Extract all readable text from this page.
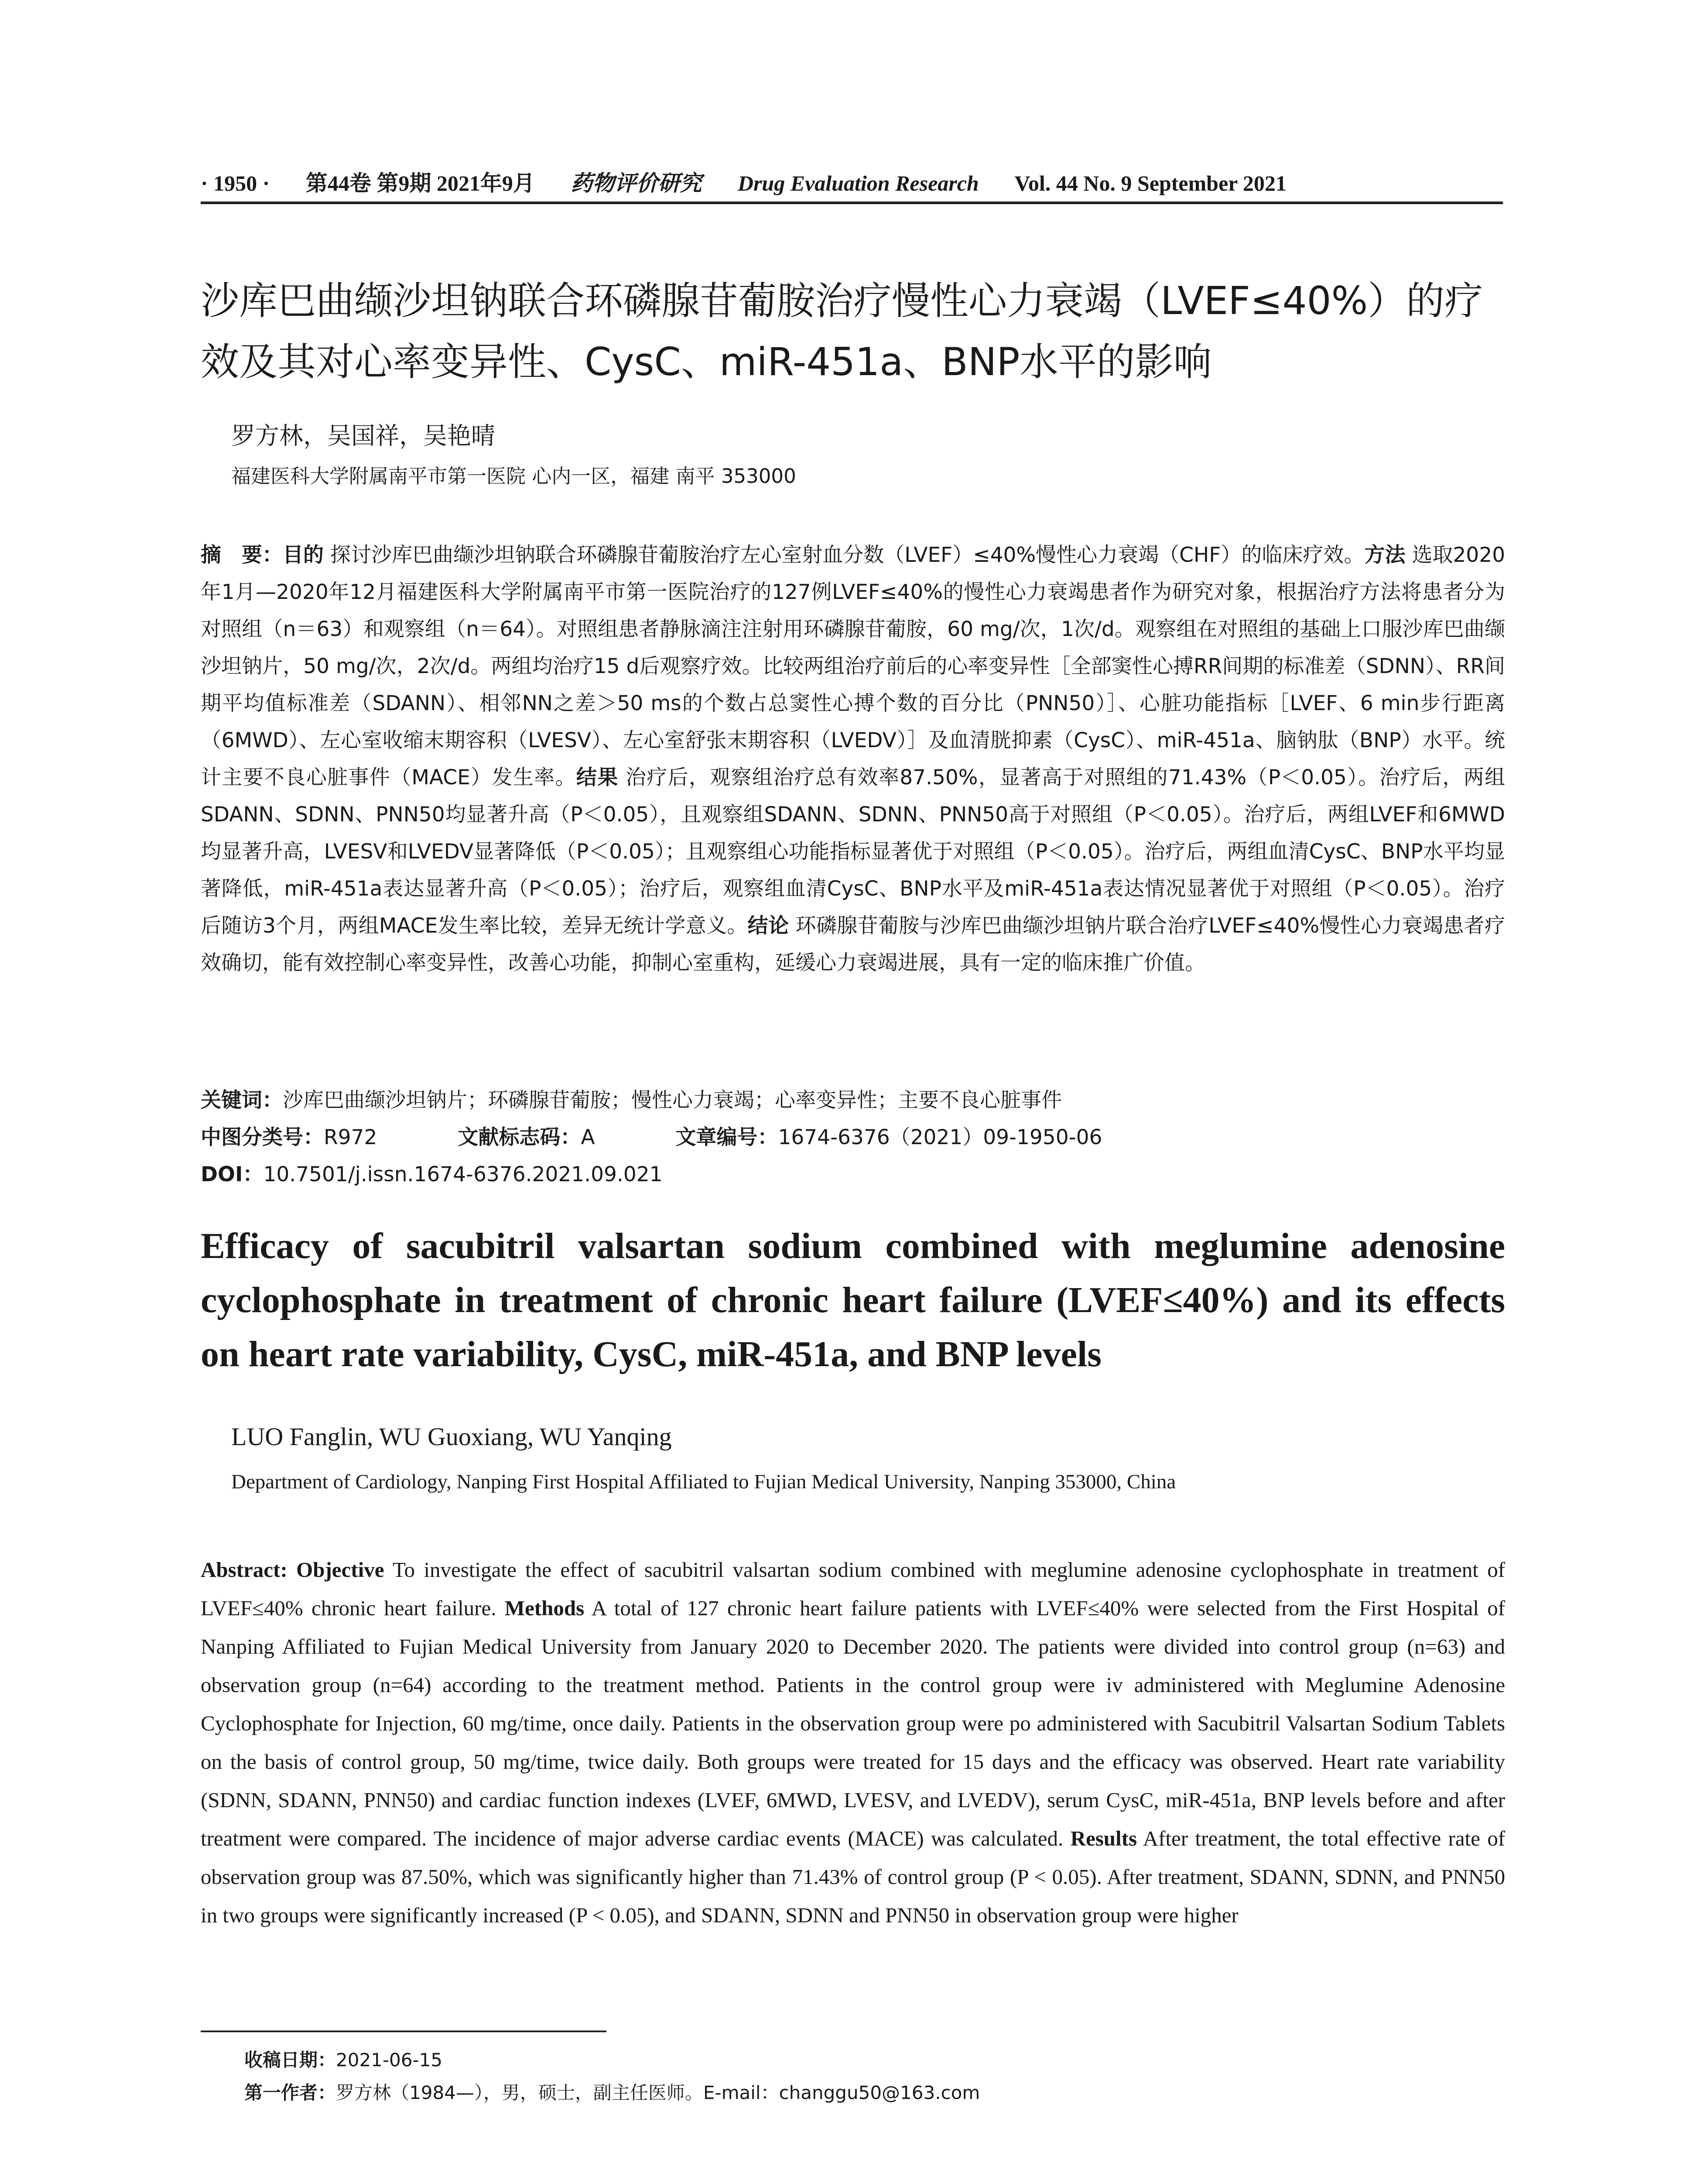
· 1950 · 第44卷 第9期 2021年9月 药物评价研究 Drug Evaluation Research Vol. 44 No. 9 September 2021
沙库巴曲缬沙坦钠联合环磷腺苷葡胺治疗慢性心力衰竭（LVEF≤40%）的疗效及其对心率变异性、CysC、miR-451a、BNP水平的影响
罗方林，吴国祥，吴艳晴
福建医科大学附属南平市第一医院 心内一区，福建 南平 353000
摘　要：目的 探讨沙库巴曲缬沙坦钠联合环磷腺苷葡胺治疗左心室射血分数（LVEF）≤40%慢性心力衰竭（CHF）的临床疗效。方法 选取2020年1月—2020年12月福建医科大学附属南平市第一医院治疗的127例LVEF≤40%的慢性心力衰竭患者作为研究对象，根据治疗方法将患者分为对照组（n＝63）和观察组（n＝64）。对照组患者静脉滴注注射用环磷腺苷葡胺，60 mg/次，1次/d。观察组在对照组的基础上口服沙库巴曲缬沙坦钠片，50 mg/次，2次/d。两组均治疗15 d后观察疗效。比较两组治疗前后的心率变异性［全部窦性心搏RR间期的标准差（SDNN）、RR间期平均值标准差（SDANN）、相邻NN之差＞50 ms的个数占总窦性心搏个数的百分比（PNN50）］、心脏功能指标［LVEF、6 min步行距离（6MWD）、左心室收缩末期容积（LVESV）、左心室舒张末期容积（LVEDV）］及血清胱抑素（CysC）、miR-451a、脑钠肽（BNP）水平。统计主要不良心脏事件（MACE）发生率。结果 治疗后，观察组治疗总有效率87.50%，显著高于对照组的71.43%（P＜0.05）。治疗后，两组SDANN、SDNN、PNN50均显著升高（P＜0.05），且观察组SDANN、SDNN、PNN50高于对照组（P＜0.05）。治疗后，两组LVEF和6MWD均显著升高，LVESV和LVEDV显著降低（P＜0.05）；且观察组心功能指标显著优于对照组（P＜0.05）。治疗后，两组血清CysC、BNP水平均显著降低，miR-451a表达显著升高（P＜0.05）；治疗后，观察组血清CysC、BNP水平及miR-451a表达情况显著优于对照组（P＜0.05）。治疗后随访3个月，两组MACE发生率比较，差异无统计学意义。结论 环磷腺苷葡胺与沙库巴曲缬沙坦钠片联合治疗LVEF≤40%慢性心力衰竭患者疗效确切，能有效控制心率变异性，改善心功能，抑制心室重构，延缓心力衰竭进展，具有一定的临床推广价值。
关键词：沙库巴曲缬沙坦钠片；环磷腺苷葡胺；慢性心力衰竭；心率变异性；主要不良心脏事件
中图分类号：R972	文献标志码：A	文章编号：1674-6376（2021）09-1950-06
DOI：10.7501/j.issn.1674-6376.2021.09.021
Efficacy of sacubitril valsartan sodium combined with meglumine adenosine cyclophosphate in treatment of chronic heart failure (LVEF≤40%) and its effects on heart rate variability, CysC, miR-451a, and BNP levels
LUO Fanglin, WU Guoxiang, WU Yanqing
Department of Cardiology, Nanping First Hospital Affiliated to Fujian Medical University, Nanping 353000, China
Abstract: Objective To investigate the effect of sacubitril valsartan sodium combined with meglumine adenosine cyclophosphate in treatment of LVEF≤40% chronic heart failure. Methods A total of 127 chronic heart failure patients with LVEF≤40% were selected from the First Hospital of Nanping Affiliated to Fujian Medical University from January 2020 to December 2020. The patients were divided into control group (n=63) and observation group (n=64) according to the treatment method. Patients in the control group were iv administered with Meglumine Adenosine Cyclophosphate for Injection, 60 mg/time, once daily. Patients in the observation group were po administered with Sacubitril Valsartan Sodium Tablets on the basis of control group, 50 mg/time, twice daily. Both groups were treated for 15 days and the efficacy was observed. Heart rate variability (SDNN, SDANN, PNN50) and cardiac function indexes (LVEF, 6MWD, LVESV, and LVEDV), serum CysC, miR-451a, BNP levels before and after treatment were compared. The incidence of major adverse cardiac events (MACE) was calculated. Results After treatment, the total effective rate of observation group was 87.50%, which was significantly higher than 71.43% of control group (P < 0.05). After treatment, SDANN, SDNN, and PNN50 in two groups were significantly increased (P < 0.05), and SDANN, SDNN and PNN50 in observation group were higher
收稿日期：2021-06-15
第一作者：罗方林（1984—），男，硕士，副主任医师。E-mail：changgu50@163.com
